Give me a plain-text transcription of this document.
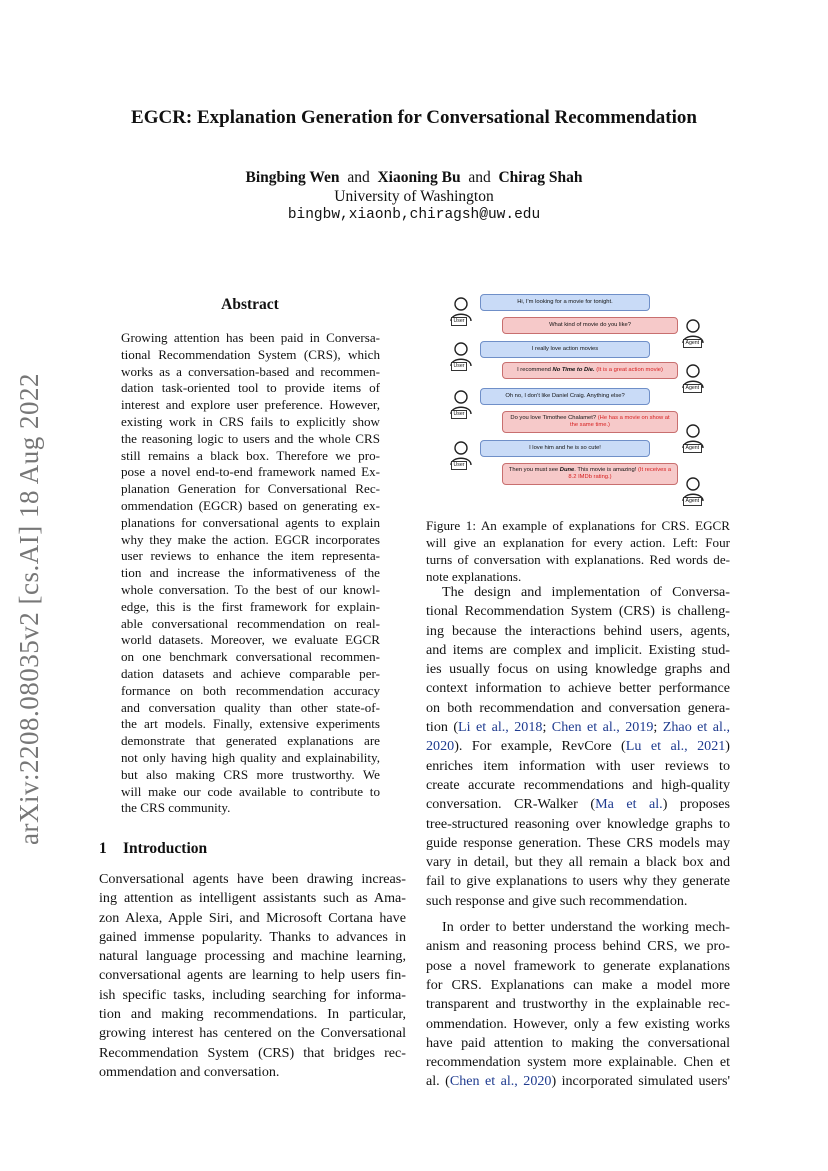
EGCR: Explanation Generation for Conversational Recommendation
Bingbing Wen and Xiaoning Bu and Chirag Shah
University of Washington
bingbw,xiaonb,chiragsh@uw.edu
arXiv:2208.08035v2 [cs.AI] 18 Aug 2022
Abstract
Growing attention has been paid in Conversa-
tional Recommendation System (CRS), which
works as a conversation-based and recommen-
dation task-oriented tool to provide items of
interest and explore user preference. However,
existing work in CRS fails to explicitly show
the reasoning logic to users and the whole CRS
still remains a black box. Therefore we pro-
pose a novel end-to-end framework named Ex-
planation Generation for Conversational Rec-
ommendation (EGCR) based on generating ex-
planations for conversational agents to explain
why they make the action. EGCR incorporates
user reviews to enhance the item representa-
tion and increase the informativeness of the
whole conversation. To the best of our knowl-
edge, this is the first framework for explain-
able conversational recommendation on real-
world datasets. Moreover, we evaluate EGCR
on one benchmark conversational recommen-
dation datasets and achieve comparable per-
formance on both recommendation accuracy
and conversation quality than other state-of-
the art models. Finally, extensive experiments
demonstrate that generated explanations are
not only having high quality and explainability,
but also making CRS more trustworthy. We
will make our code available to contribute to
the CRS community.
1 Introduction
Conversational agents have been drawing increas-
ing attention as intelligent assistants such as Ama-
zon Alexa, Apple Siri, and Microsoft Cortana have
gained immense popularity. Thanks to advances in
natural language processing and machine learning,
conversational agents are learning to help users fin-
ish specific tasks, including searching for informa-
tion and making recommendations. In particular,
growing interest has centered on the Conversational
Recommendation System (CRS) that bridges rec-
ommendation and conversation.
User
Agent
User
Agent
User
Agent
User
Agent
Hi, I'm looking for a movie for tonight.
What kind of movie do you like?
I really love action movies
I recommend No Time to Die. (It is a great action movie)
Oh no, I don't like Daniel Craig. Anything else?
Do you love Timothee Chalamet? (He has a movie on show at the same time.)
I love him and he is so cute!
Then you must see Dune. This movie is amazing! (It receives a 8.2 IMDb rating.)
Figure 1: An example of explanations for CRS. EGCR
will give an explanation for every action. Left: Four
turns of conversation with explanations. Red words de-
note explanations.
The design and implementation of Conversa-
tional Recommendation System (CRS) is challeng-
ing because the interactions behind users, agents,
and items are complex and implicit. Existing stud-
ies usually focus on using knowledge graphs and
context information to achieve better performance
on both recommendation and conversation genera-
tion (Li et al., 2018; Chen et al., 2019; Zhao et al.,
2020). For example, RevCore (Lu et al., 2021)
enriches item information with user reviews to
create accurate recommendations and high-quality
conversation. CR-Walker (Ma et al.) proposes
tree-structured reasoning over knowledge graphs to
guide response generation. These CRS models may
vary in detail, but they all remain a black box and
fail to give explanations to users why they generate
such response and give such recommendation.
In order to better understand the working mech-
anism and reasoning process behind CRS, we pro-
pose a novel framework to generate explanations
for CRS. Explanations can make a model more
transparent and trustworthy in the explainable rec-
ommendation. However, only a few existing works
have paid attention to making the conversational
recommendation system more explainable. Chen et
al. (Chen et al., 2020) incorporated simulated users'
